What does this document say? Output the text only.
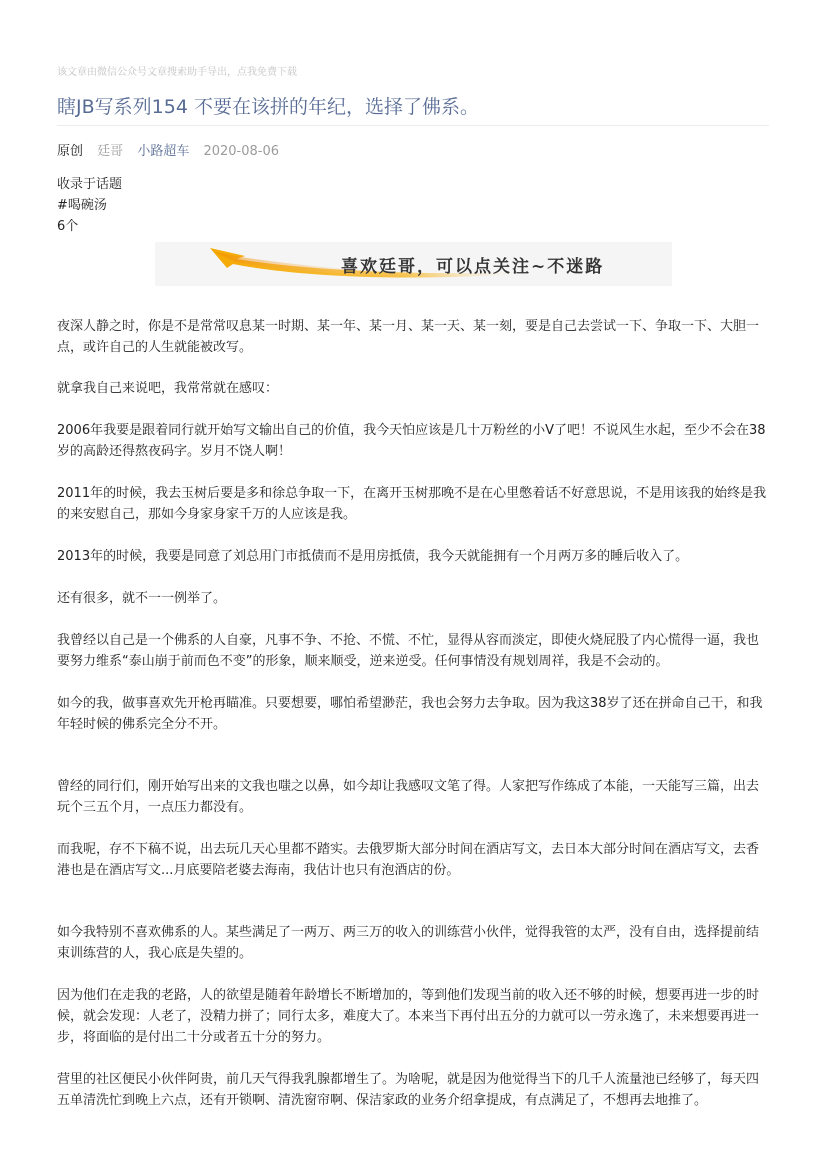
该文章由微信公众号文章搜索助手导出，点我免费下载
瞎JB写系列154 不要在该拼的年纪，选择了佛系。
原创 廷哥 小路超车 2020-08-06
收录于话题
#喝碗汤
6个
喜欢廷哥，可以点关注~不迷路
夜深人静之时，你是不是常常叹息某一时期、某一年、某一月、某一天、某一刻，要是自己去尝试一下、争取一下、大胆一点，或许自己的人生就能被改写。
就拿我自己来说吧，我常常就在感叹：
2006年我要是跟着同行就开始写文输出自己的价值，我今天怕应该是几十万粉丝的小V了吧！不说风生水起，至少不会在38岁的高龄还得熬夜码字。岁月不饶人啊！
2011年的时候，我去玉树后要是多和徐总争取一下，在离开玉树那晚不是在心里憋着话不好意思说，不是用该我的始终是我的来安慰自己，那如今身家身家千万的人应该是我。
2013年的时候，我要是同意了刘总用门市抵债而不是用房抵债，我今天就能拥有一个月两万多的睡后收入了。
还有很多，就不一一例举了。
我曾经以自己是一个佛系的人自豪，凡事不争、不抢、不慌、不忙，显得从容而淡定，即使火烧屁股了内心慌得一逼，我也要努力维系“泰山崩于前而色不变”的形象，顺来顺受，逆来逆受。任何事情没有规划周祥，我是不会动的。
如今的我，做事喜欢先开枪再瞄准。只要想要，哪怕希望渺茫，我也会努力去争取。因为我这38岁了还在拼命自己干，和我年轻时候的佛系完全分不开。
曾经的同行们，刚开始写出来的文我也嗤之以鼻，如今却让我感叹文笔了得。人家把写作练成了本能，一天能写三篇，出去玩个三五个月，一点压力都没有。
而我呢，存不下稿不说，出去玩几天心里都不踏实。去俄罗斯大部分时间在酒店写文，去日本大部分时间在酒店写文，去香港也是在酒店写文...月底要陪老婆去海南，我估计也只有泡酒店的份。
如今我特别不喜欢佛系的人。某些满足了一两万、两三万的收入的训练营小伙伴，觉得我管的太严，没有自由，选择提前结束训练营的人，我心底是失望的。
因为他们在走我的老路，人的欲望是随着年龄增长不断增加的，等到他们发现当前的收入还不够的时候，想要再进一步的时候，就会发现：人老了，没精力拼了；同行太多，难度大了。本来当下再付出五分的力就可以一劳永逸了，未来想要再进一步，将面临的是付出二十分或者五十分的努力。
营里的社区便民小伙伴阿贵，前几天气得我乳腺都增生了。为啥呢，就是因为他觉得当下的几千人流量池已经够了，每天四五单清洗忙到晚上六点，还有开锁啊、清洗窗帘啊、保洁家政的业务介绍拿提成，有点满足了，不想再去地推了。
